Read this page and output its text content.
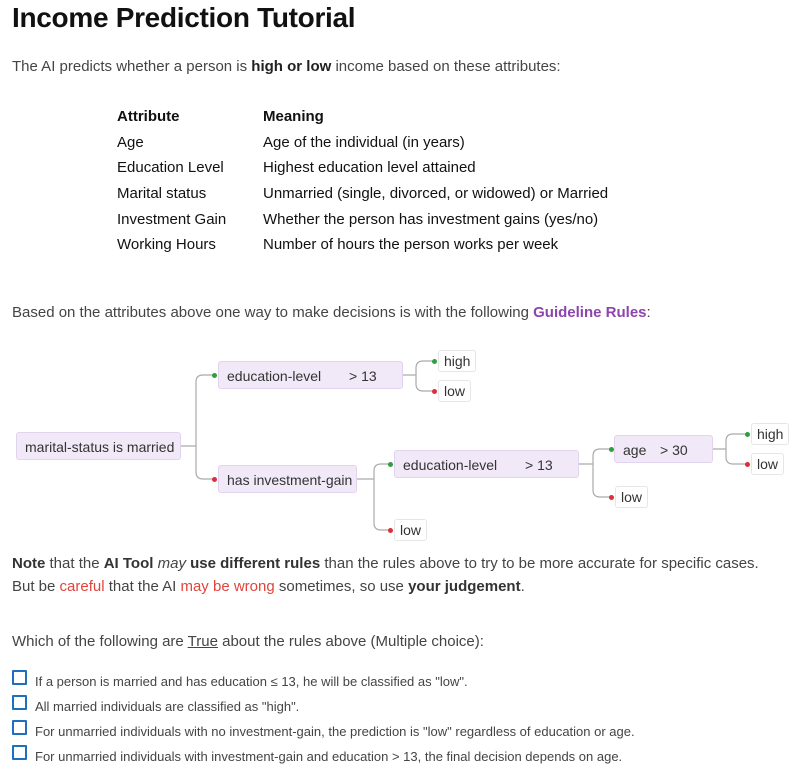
Income Prediction Tutorial
The AI predicts whether a person is high or low income based on these attributes:
Attribute	Meaning
Age	Age of the individual (in years)
Education Level	Highest education level attained
Marital status	Unmarried (single, divorced, or widowed) or Married
Investment Gain	Whether the person has investment gains (yes/no)
Working Hours	Number of hours the person works per week
Based on the attributes above one way to make decisions is with the following Guideline Rules:
marital-status is married
education-level > 13
high
low
has investment-gain
education-level > 13
low
age > 30
low
high
low
Note that the AI Tool may use different rules than the rules above to try to be more accurate for specific cases.
But be careful that the AI may be wrong sometimes, so use your judgement.
Which of the following are True about the rules above (Multiple choice):
If a person is married and has education ≤ 13, he will be classified as "low".
All married individuals are classified as "high".
For unmarried individuals with no investment-gain, the prediction is "low" regardless of education or age.
For unmarried individuals with investment-gain and education > 13, the final decision depends on age.
